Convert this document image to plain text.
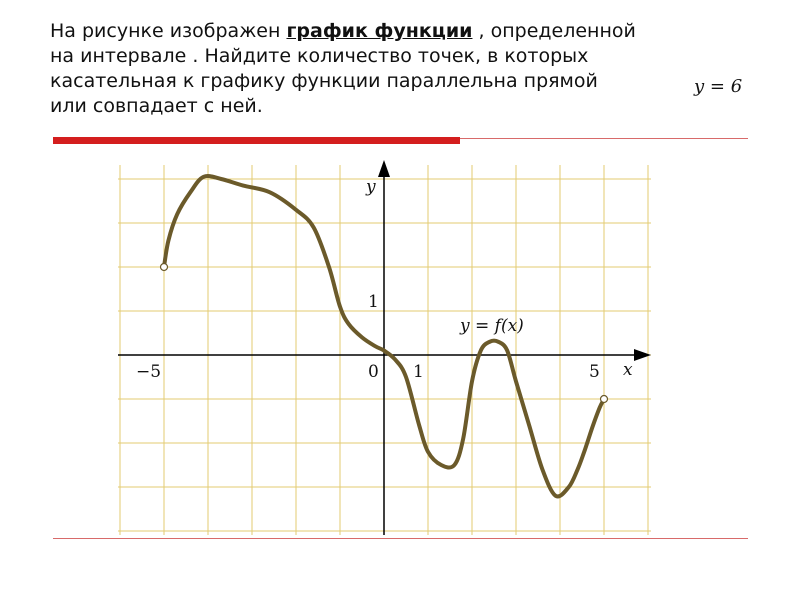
На рисунке изображен график функции , определенной
на интервале . Найдите количество точек, в которых
касательная к графику функции параллельна прямой
или совпадает с ней.
y = 6
y
x
1
−5	0 1	5
y = f(x)
